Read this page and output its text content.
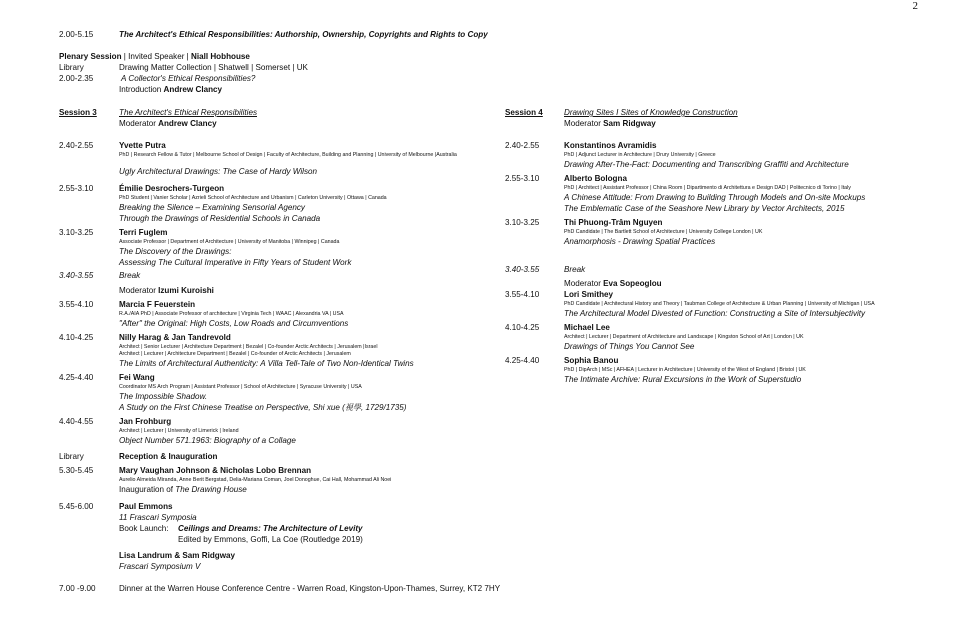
2
2.00-5.15	The Architect's Ethical Responsibilities: Authorship, Ownership, Copyrights and Rights to Copy
Plenary Session | Invited Speaker | Niall Hobhouse
Library	Drawing Matter Collection | Shatwell | Somerset | UK
2.00-2.35	A Collector's Ethical Responsibilities?
Introduction Andrew Clancy
Session 3	The Architect's Ethical Responsibilities
Moderator Andrew Clancy
2.40-2.55	Yvette Putra
PhD | Research Fellow & Tutor | Melbourne School of Design | Faculty of Architecture, Building and Planning | University of Melbourne |Australia
Ugly Architectural Drawings: The Case of Hardy Wilson
2.55-3.10	Émilie Desrochers-Turgeon
PhD Student | Vanier Scholar | Azrieli School of Architecture and Urbanism | Carleton University | Ottawa | Canada
Breaking the Silence – Examining Sensorial Agency
Through the Drawings of Residential Schools in Canada
3.10-3.25	Terri Fuglem
Associate Professor | Department of Architecture | University of Manitoba | Winnipeg | Canada
The Discovery of the Drawings:
Assessing The Cultural Imperative in Fifty Years of Student Work
3.40-3.55	Break
Moderator Izumi Kuroishi
3.55-4.10	Marcia F Feuerstein
R.A./AIA PhD | Associate Professor of architecture | Virginia Tech | WAAC | Alexandria VA | USA
"After" the Original: High Costs, Low Roads and Circumventions
4.10-4.25	Nilly Harag & Jan Tandrevold
Architect | Senior Lecturer | Architecture Department | Bezalel | Co-founder Arctic Architects | Jerusalem |Israel
Architect | Lecturer | Architecture Department | Bezalel | Co-founder of Arctic Architects | Jerusalem
The Limits of Architectural Authenticity: A Villa Tell-Tale of Two Non-Identical Twins
4.25-4.40	Fei Wang
Coordinator MS Arch Program | Assistant Professor | School of Architecture | Syracuse University | USA
The Impossible Shadow.
A Study on the First Chinese Treatise on Perspective, Shi xue (視學, 1729/1735)
4.40-4.55	Jan Frohburg
Architect | Lecturer | University of Limerick | Ireland
Object Number 571.1963: Biography of a Collage
Session 4	Drawing Sites I Sites of Knowledge Construction
Moderator Sam Ridgway
2.40-2.55	Konstantinos Avramidis
PhD | Adjunct Lecturer in Architecture | Drury University | Greece
Drawing After-The-Fact: Documenting and Transcribing Graffiti and Architecture
2.55-3.10	Alberto Bologna
PhD | Architect | Assistant Professor | China Room | Dipartimento di Architettura e Design DAD | Politecnico di Torino | Italy
A Chinese Attitude: From Drawing to Building Through Models and On-site Mockups
The Emblematic Case of the Seashore New Library by Vector Architects, 2015
3.10-3.25	Thi Phuong-Trâm Nguyen
PhD Candidate | The Bartlett School of Architecture | University College London | UK
Anamorphosis - Drawing Spatial Practices
3.40-3.55	Break
Moderator Eva Sopeoglou
3.55-4.10	Lori Smithey
PhD Candidate | Architectural History and Theory | Taubman College of Architecture & Urban Planning | University of Michigan | USA
The Architectural Model Divested of Function: Constructing a Site of Intersubjectivity
4.10-4.25	Michael Lee
Architect | Lecturer | Department of Architecture and Landscape | Kingston School of Art | London | UK
Drawings of Things You Cannot See
4.25-4.40	Sophia Banou
PhD | DipArch | MSc | AFHEA | Lecturer in Architecture | University of the West of England | Bristol | UK
The Intimate Archive: Rural Excursions in the Work of Superstudio
Library	Reception & Inauguration
5.30-5.45	Mary Vaughan Johnson & Nicholas Lobo Brennan
Aurelio Almeida Miranda, Anne Berit Bergstad, Delia-Mariana Coman, Joel Donoghue, Cai Hall, Mohammad Ali Noei
Inauguration of The Drawing House
5.45-6.00	Paul Emmons
11 Frascari Symposia
Book Launch: Ceilings and Dreams: The Architecture of Levity
Edited by Emmons, Goffi, La Coe (Routledge 2019)
Lisa Landrum & Sam Ridgway
Frascari Symposium V
7.00 -9.00	Dinner at the Warren House Conference Centre - Warren Road, Kingston-Upon-Thames, Surrey, KT2 7HY
